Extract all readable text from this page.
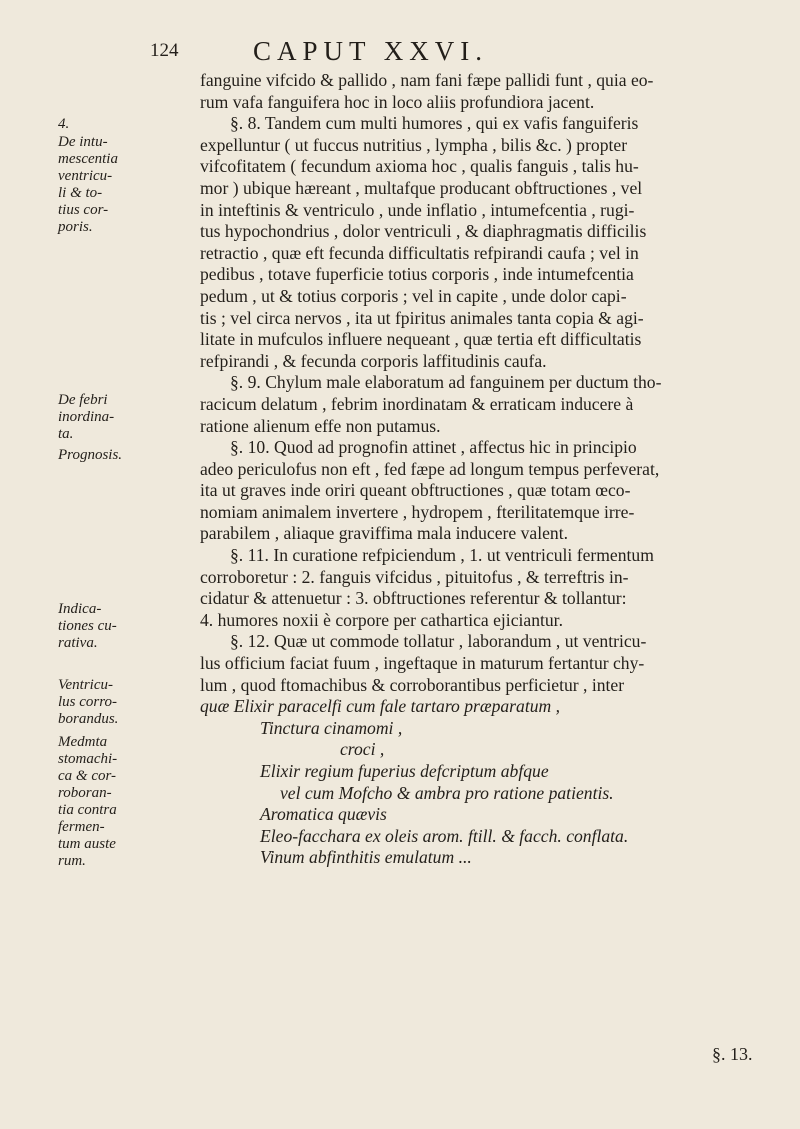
124	CAPUT XXVI.
4.
De intu-
mescentia
ventricu-
li & to-
tius cor-
poris.
De febri
inordina-
ta.
Prognosis.
Indica-
tiones cu-
rativa.
Ventricu-
lus corro-
borandus.
Medmta
stomachi-
ca & cor-
roboran-
tia contra
fermen-
tum auste
rum.
fanguine vifcido & pallido , nam fani fæpe pallidi funt , quia eo-
rum vafa fanguifera hoc in loco aliis profundiora jacent.
§. 8. Tandem cum multi humores , qui ex vafis fanguiferis
expelluntur ( ut fuccus nutritius , lympha , bilis &c. ) propter
vifcofitatem ( fecundum axioma hoc , qualis fanguis , talis hu-
mor ) ubique hæreant , multafque producant obftructiones , vel
in inteftinis & ventriculo , unde inflatio , intumefcentia , rugi-
tus hypochondrius , dolor ventriculi , & diaphragmatis difficilis
retractio , quæ eft fecunda difficultatis refpirandi caufa ; vel in
pedibus , totave fuperficie totius corporis , inde intumefcentia
pedum , ut & totius corporis ; vel in capite , unde dolor capi-
tis ; vel circa nervos , ita ut fpiritus animales tanta copia & agi-
litate in mufculos influere nequeant , quæ tertia eft difficultatis
refpirandi , & fecunda corporis laffitudinis caufa.
§. 9. Chylum male elaboratum ad fanguinem per ductum tho-
racicum delatum , febrim inordinatam & erraticam inducere à
ratione alienum effe non putamus.
§. 10. Quod ad prognofin attinet , affectus hic in principio
adeo periculofus non eft , fed fæpe ad longum tempus perfeverat,
ita ut graves inde oriri queant obftructiones , quæ totam œco-
nomiam animalem invertere , hydropem , fterilitatemque irre-
parabilem , aliaque graviffima mala inducere valent.
§. 11. In curatione refpiciendum , 1. ut ventriculi fermentum
corroboretur : 2. fanguis vifcidus , pituitofus , & terreftris in-
cidatur & attenuetur : 3. obftructiones referentur & tollantur:
4. humores noxii è corpore per cathartica ejiciantur.
§. 12. Quæ ut commode tollatur , laborandum , ut ventricu-
lus officium faciat fuum , ingeftaque in maturum fertantur chy-
lum , quod ftomachibus & corroborantibus perficietur , inter
quæ Elixir paracelfi cum fale tartaro præparatum ,
Tinctura cinamomi ,
croci ,
Elixir regium fuperius defcriptum abfque
vel cum Mofcho & ambra pro ratione patientis.
Aromatica quævis
Eleo-facchara ex oleis arom. ftill. & facch. conflata.
Vinum abfinthitis emulatum ...
§. 13.
